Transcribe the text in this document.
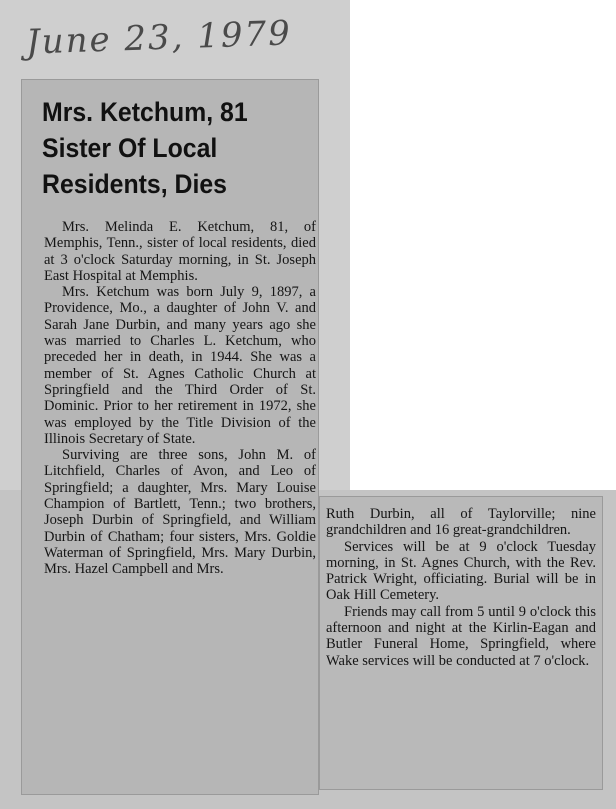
June 23, 1979
Mrs. Ketchum, 81
Sister Of Local
Residents, Dies

Mrs. Melinda E. Ketchum, 81, of Memphis, Tenn., sister of local residents, died at 3 o'clock Saturday morning, in St. Joseph East Hospital at Memphis.

Mrs. Ketchum was born July 9, 1897, a Providence, Mo., a daughter of John V. and Sarah Jane Durbin, and many years ago she was married to Charles L. Ketchum, who preceded her in death, in 1944. She was a member of St. Agnes Catholic Church at Springfield and the Third Order of St. Dominic. Prior to her retirement in 1972, she was employed by the Title Division of the Illinois Secretary of State.

Surviving are three sons, John M. of Litchfield, Charles of Avon, and Leo of Springfield; a daughter, Mrs. Mary Louise Champion of Bartlett, Tenn.; two brothers, Joseph Durbin of Springfield, and William Durbin of Chatham; four sisters, Mrs. Goldie Waterman of Springfield, Mrs. Mary Durbin, Mrs. Hazel Campbell and Mrs.

Ruth Durbin, all of Taylorville; nine grandchildren and 16 great-grandchildren.

Services will be at 9 o'clock Tuesday morning, in St. Agnes Church, with the Rev. Patrick Wright, officiating. Burial will be in Oak Hill Cemetery.

Friends may call from 5 until 9 o'clock this afternoon and night at the Kirlin-Eagan and Butler Funeral Home, Springfield, where Wake services will be conducted at 7 o'clock.
